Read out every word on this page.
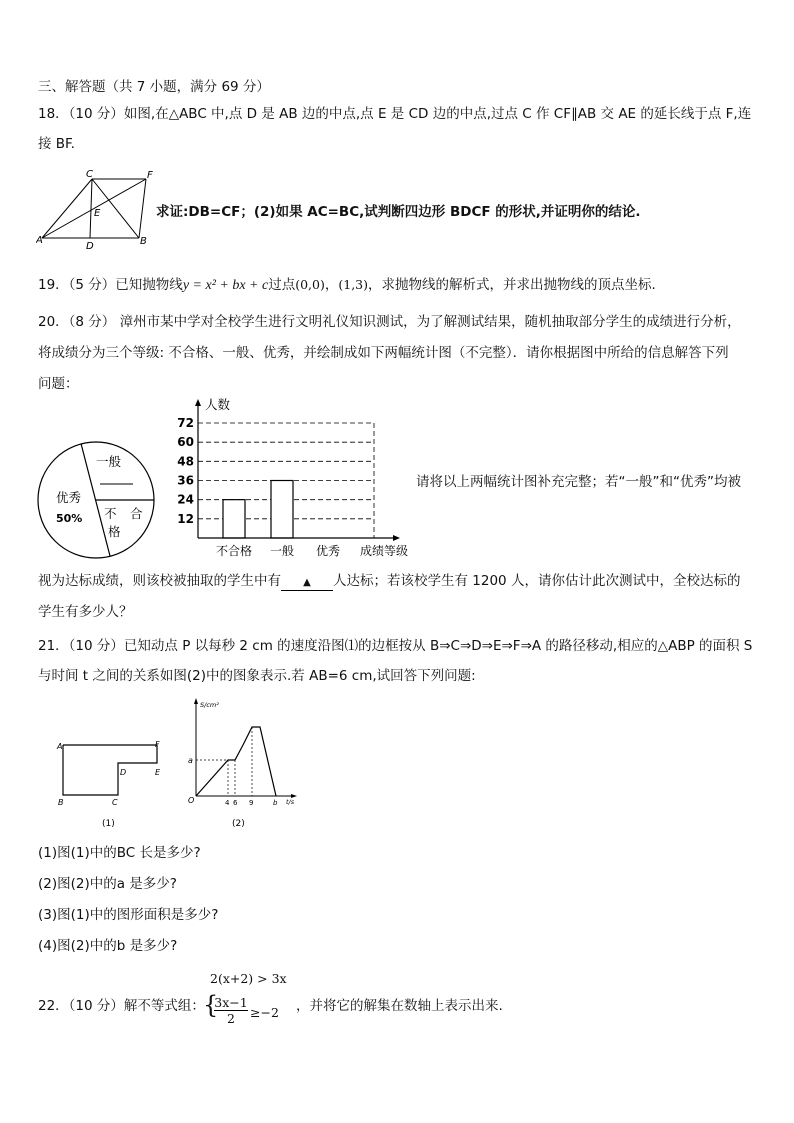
三、解答题（共 7 小题，满分 69 分）
18．（10 分）如图,在△ABC 中,点 D 是 AB 边的中点,点 E 是 CD 边的中点,过点 C 作 CF∥AB 交 AE 的延长线于点 F,连
接 BF.
A	B
C
D
E
F
求证:DB=CF；(2)如果 AC=BC,试判断四边形 BDCF 的形状,并证明你的结论.
19．（5 分）已知抛物线y = x² + bx + c过点(0,0)，(1,3)，求抛物线的解析式，并求出抛物线的顶点坐标.
20．（8 分） 漳州市某中学对全校学生进行文明礼仪知识测试，为了解测试结果，随机抽取部分学生的成绩进行分析，
将成绩分为三个等级: 不合格、一般、优秀，并绘制成如下两幅统计图（不完整）．请你根据图中所给的信息解答下列
问题：
一般
优秀
50% 不 合
格
12
24
36
48
60
72
不合格 一般 优秀
人数
成绩等级
请将以上两幅统计图补充完整；若“一般”和“优秀”均被
视为达标成绩，则该校被抽取的学生中有 ▲ 人达标；若该校学生有 1200 人，请你估计此次测试中，全校达标的
学生有多少人？
21．（10 分）已知动点 P 以每秒 2 cm 的速度沿图⑴的边框按从 B⇒C⇒D⇒E⇒F⇒A 的路径移动,相应的△ABP 的面积 S
与时间 t 之间的关系如图(2)中的图象表示.若 AB=6 cm,试回答下列问题:
A
B	C
D	E
F
(1)
S/cm²
t/s
O
a
4 6 9	b
(2)
(1)图(1)中的BC 长是多少?
(2)图(2)中的a 是多少?
(3)图(1)中的图形面积是多少?
(4)图(2)中的b 是多少?
22．（10 分）解不等式组：
{
2(x+2) > 3x
$\frac{3x-1}{2} \ge-2$ ，并将它的解集在数轴上表示出来.
